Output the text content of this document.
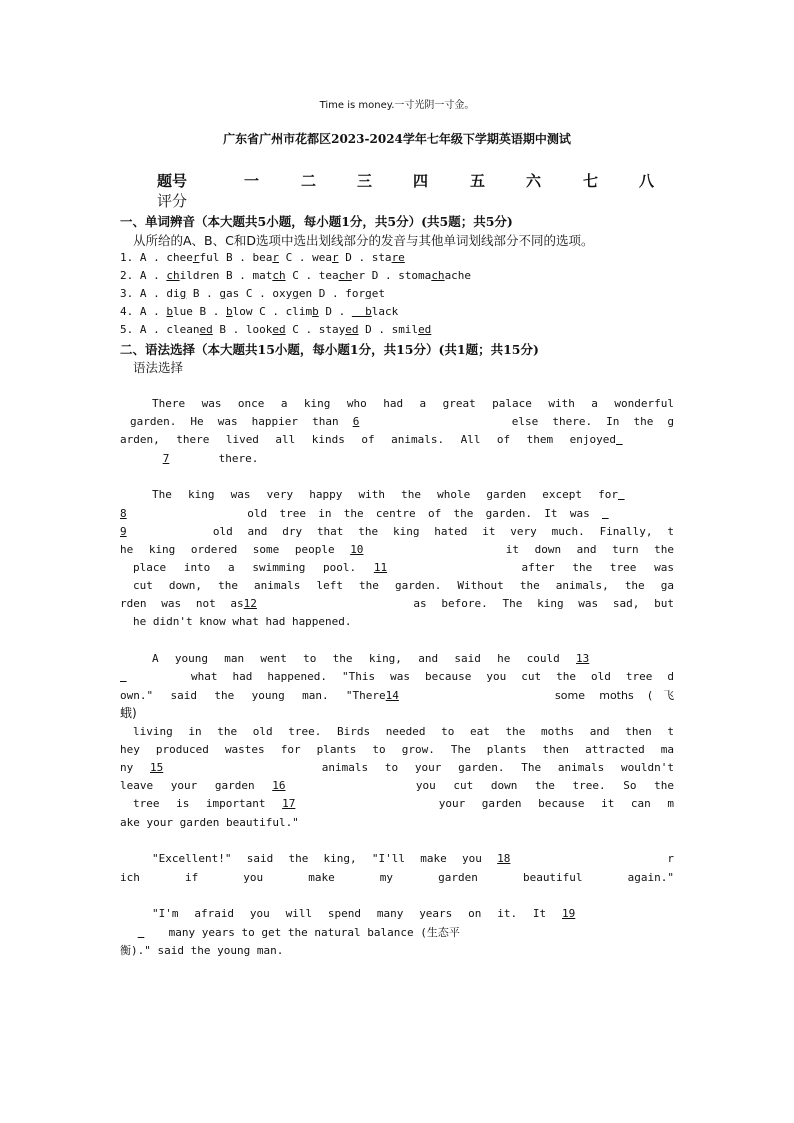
Time is money.一寸光阴一寸金。
广东省广州市花都区2023-2024学年七年级下学期英语期中测试
题号	一	二	三	四	五	六	七	八
评分
一、单词辨音（本大题共5小题，每小题1分，共5分）(共5题；共5分)
从所给的A、B、C和D选项中选出划线部分的发音与其他单词划线部分不同的选项。
1. A . cheerful B . bear C . wear D . stare
2. A . children B . match C . teacher D . stomachache
3. A . dig B . gas C . oxygen D . forget
4. A . blue B . blow C . climb D .   black
5. A . cleaned B . looked C . stayed D . smiled
二、语法选择（本大题共15小题，每小题1分，共15分）(共1题；共15分)
语法选择
There was once a king who had a great palace with a wonderful
garden. He was happier than 6	else there. In the g
arden, there lived all kinds of animals. All of them enjoyed
7	there.
The king was very happy with the whole garden except for
8	old tree in the centre of the garden. It was
9	old and dry that the king hated it very much. Finally, t
he king ordered some people 10	it down and turn the
place into a swimming pool. 11	after the tree was
cut down, the animals left the garden. Without the animals, the ga
rden was not as12	as before. The king was sad, but
he didn't know what had happened.
A young man went to the king, and said he could 13
what had happened. "This was because you cut the old tree d
own." said the young man. "There14	some moths (飞
蛾)
living in the old tree. Birds needed to eat the moths and then t
hey produced wastes for plants to grow. The plants then attracted ma
ny 15	animals to your garden. The animals wouldn't
leave your garden 16	you cut down the tree. So the
tree is important 17	your garden because it can m
ake your garden beautiful."
"Excellent!" said the king, "I'll make you 18	r
ich if you make my garden beautiful again."
"I'm afraid you will spend many years on it. It 19
many years to get the natural balance (生态平
衡)." said the young man.
